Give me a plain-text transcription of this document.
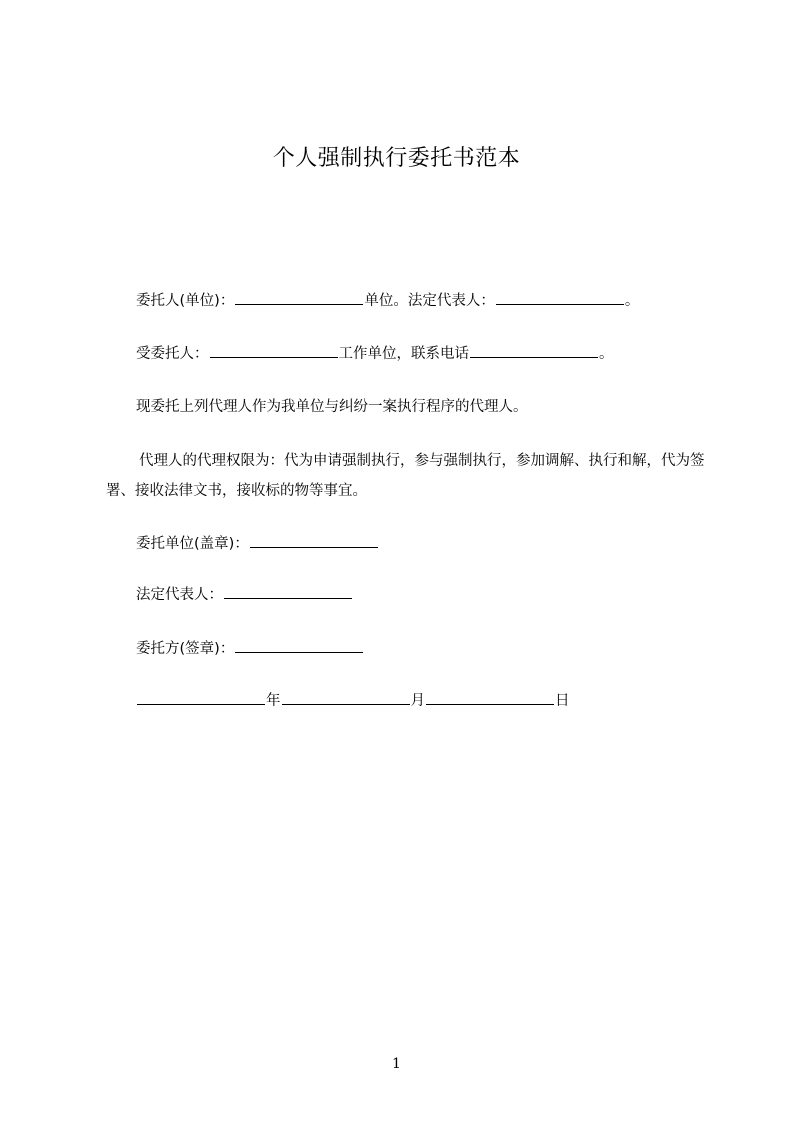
个人强制执行委托书范本
委托人(单位)：	单位。法定代表人：	。
受委托人：	工作单位，联系电话	。
现委托上列代理人作为我单位与纠纷一案执行程序的代理人。
代理人的代理权限为：代为申请强制执行，参与强制执行，参加调解、执行和解，代为签署、接收法律文书，接收标的物等事宜。
委托单位(盖章)：
法定代表人：
委托方(签章)：
年	月	日
1
